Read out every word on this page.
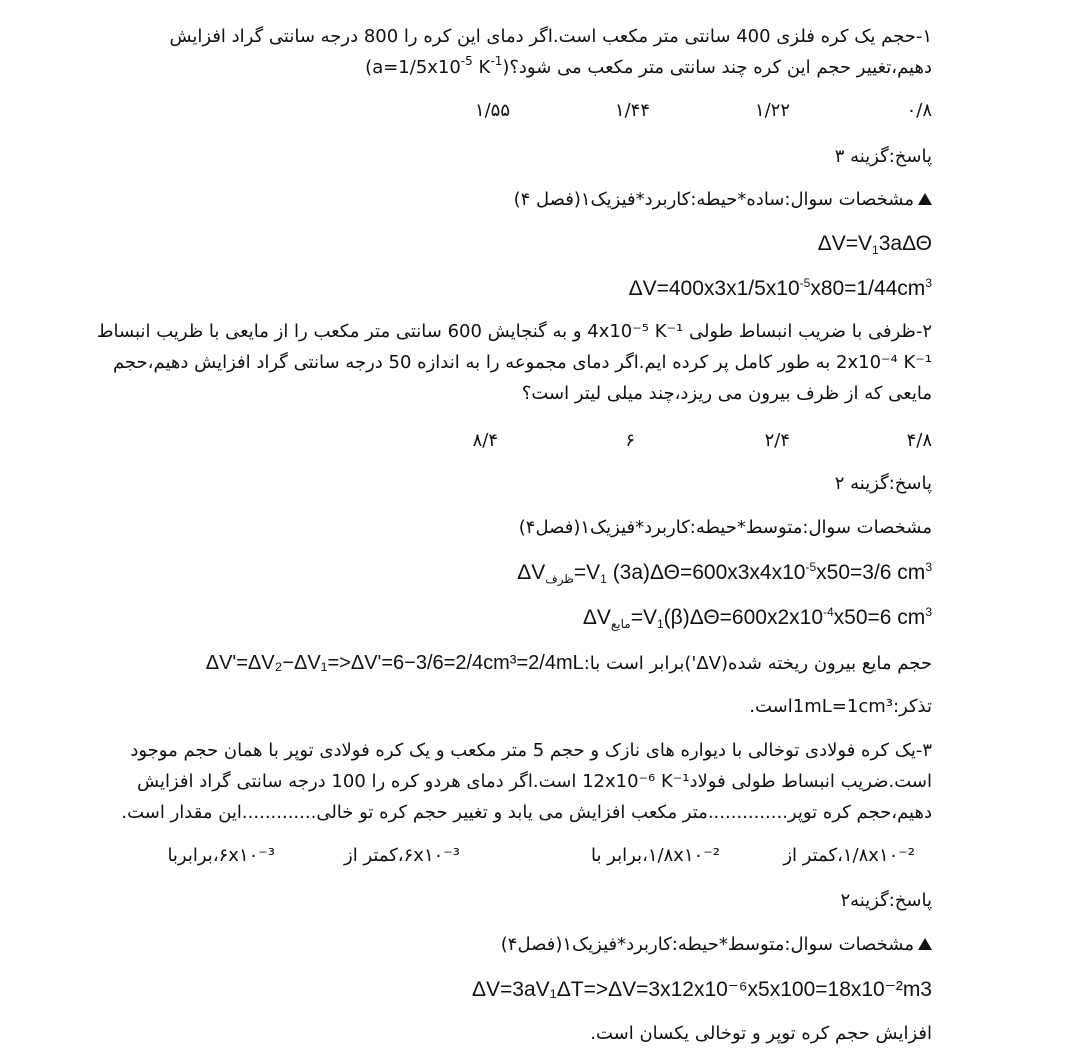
۱-حجم یک کره فلزی 400 سانتی متر مکعب است.اگر دمای این کره را 800 درجه سانتی گراد افزایش
دهیم،تغییر حجم این کره چند سانتی متر مکعب می $شود؟((a=1/5x10^{-5}$ $K^{-1}$
۰/۸
۱/۲۲
۱/۴۴
۱/۵۵
پاسخ:گزینه ۳
مشخصات سوال:ساده*حیطه:کاربرد*فیزیک۱(فصل ۴)
$\Delta V=V_13a\Delta\Theta$
$\Delta V=400x3x1/5x10^{-5}x80=1/44cm^3$
۲-ظرفی با ضریب انبساط طولی 4x10⁻⁵ K⁻¹ و به گنجایش 600 سانتی متر مکعب را از مایعی با ظریب انبساط
2x10⁻⁴ K⁻¹ به طور کامل پر کرده ایم.اگر دمای مجموعه را به اندازه 50 درجه سانتی گراد افزایش دهیم،حجم
مایعی که از ظرف بیرون می ریزد،چند میلی لیتر است؟
۴/۸
۲/۴
۶
۸/۴
پاسخ:گزینه ۲
مشخصات سوال:متوسط*حیطه:کاربرد*فیزیک۱(فصل۴)
$\Delta Vظرف=V_1$ $(3a)\Delta\Theta=600x3x4x10^{-5}x50=3/6$ $cm^3$
$\Delta Vمایع=V_1(\beta)\Delta\Theta=600x2x10^{-4}x50=6$ $cm^3$
حجم مایع بیرون ریخته شده(ΔV')برابر است با:ΔV'=ΔV₂−ΔV₁=>ΔV'=6−3/6=2/4cm³=2/4mL
تذکر:1mL=1cm³است.
۳-یک کره فولادی توخالی با دیواره های نازک و حجم 5 متر مکعب و یک کره فولادی توپر با همان حجم موجود
است.ضریب انبساط طولی فولاد12x10⁻⁶ K⁻¹ است.اگر دمای هردو کره را 100 درجه سانتی گراد افزایش
دهیم،حجم کره توپر..............متر مکعب افزایش می یابد و تغییر حجم کره تو خالی.............این مقدار است.
۱/۸x۱۰⁻²،کمتر از
۱/۸x۱۰⁻²،برابر با
۶x۱۰⁻³،کمتر از
۶x۱۰⁻³،برابربا
پاسخ:گزینه۲
مشخصات سوال:متوسط*حیطه:کاربرد*فیزیک۱(فصل۴)
ΔV=3aV₁ΔT=>ΔV=3x12x10⁻⁶x5x100=18x10⁻²m3
افزایش حجم کره توپر و توخالی یکسان است.
